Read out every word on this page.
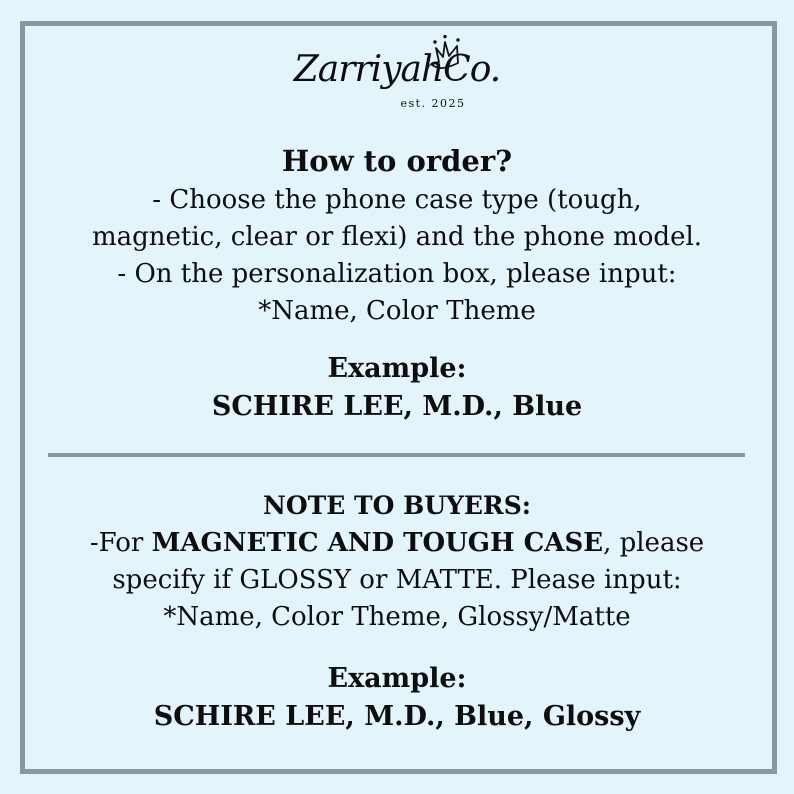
ZarriyahCo.
est. 2025
How to order?
- Choose the phone case type (tough,
magnetic, clear or flexi) and the phone model.
- On the personalization box, please input:
*Name, Color Theme
Example:
SCHIRE LEE, M.D., Blue
NOTE TO BUYERS:
-For MAGNETIC AND TOUGH CASE, please
specify if GLOSSY or MATTE. Please input:
*Name, Color Theme, Glossy/Matte
Example:
SCHIRE LEE, M.D., Blue, Glossy
